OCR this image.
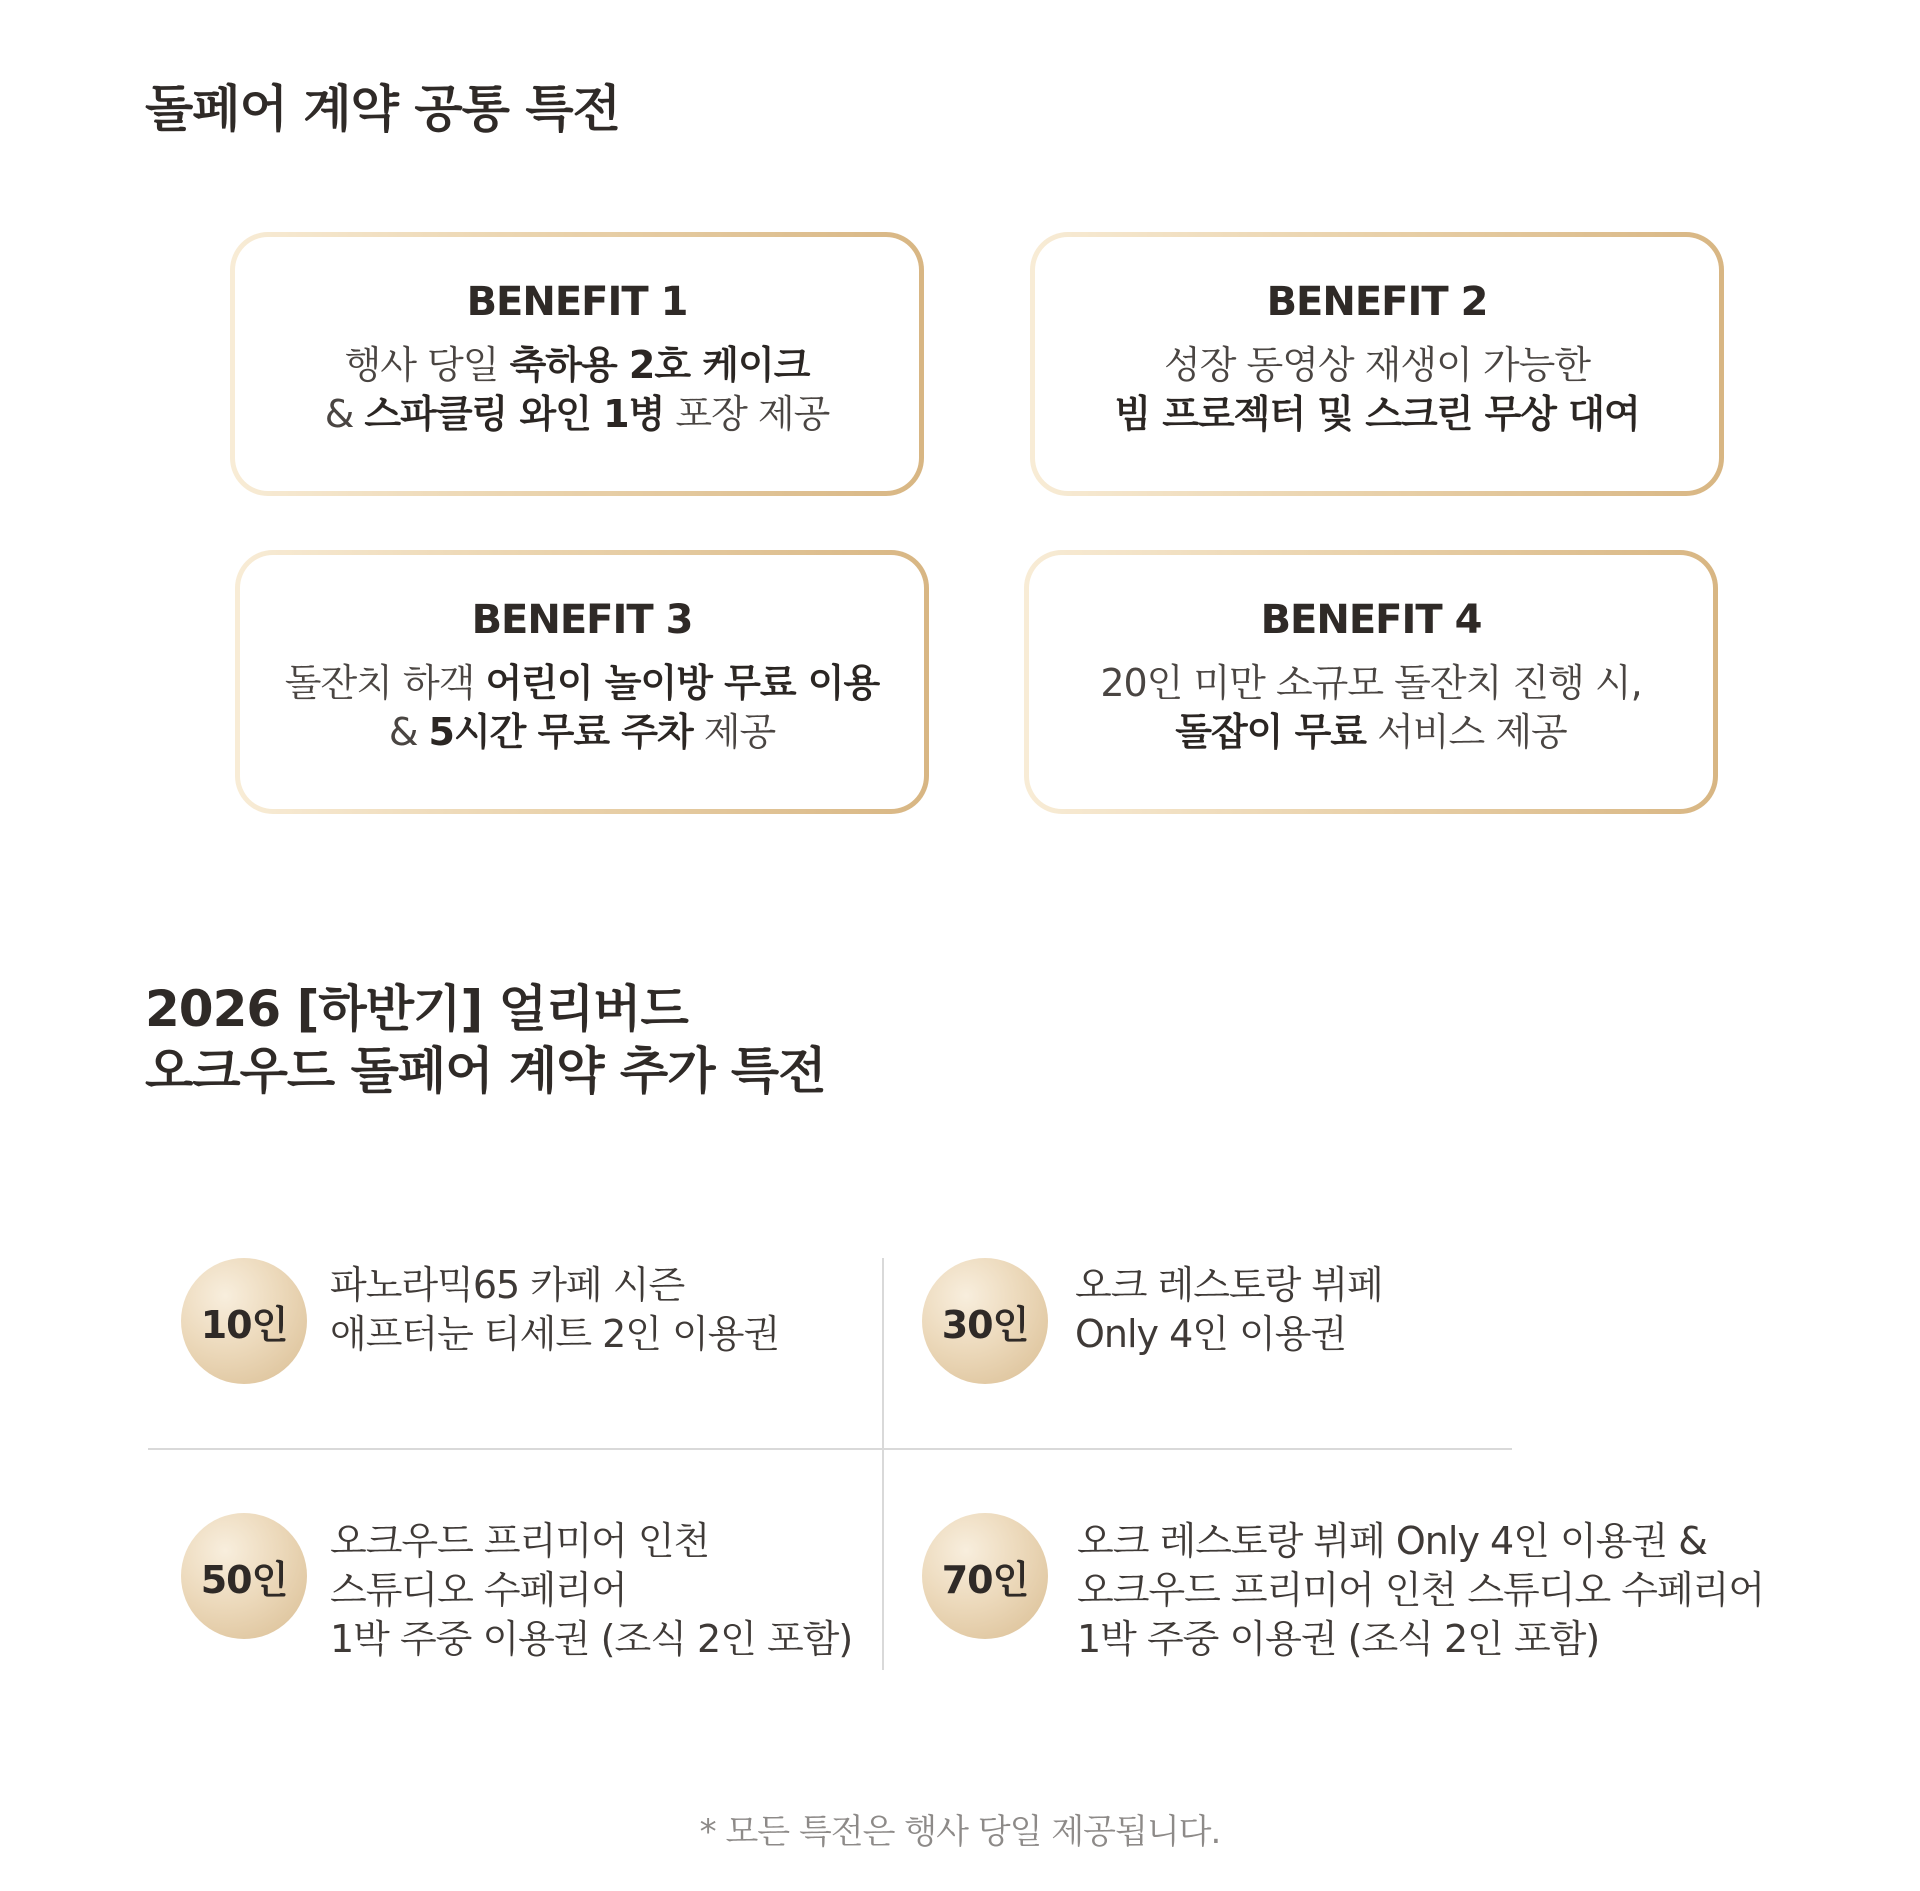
돌페어 계약 공통 특전
BENEFIT 1
행사 당일 축하용 2호 케이크
& 스파클링 와인 1병 포장 제공
BENEFIT 2
성장 동영상 재생이 가능한
빔 프로젝터 및 스크린 무상 대여
BENEFIT 3
돌잔치 하객 어린이 놀이방 무료 이용
& 5시간 무료 주차 제공
BENEFIT 4
20인 미만 소규모 돌잔치 진행 시,
돌잡이 무료 서비스 제공
2026 [하반기] 얼리버드
오크우드 돌페어 계약 추가 특전
10인
파노라믹65 카페 시즌
애프터눈 티세트 2인 이용권	30인
오크 레스토랑 뷔페
Only 4인 이용권
50인
오크우드 프리미어 인천
스튜디오 수페리어
1박 주중 이용권 (조식 2인 포함)
70인
오크 레스토랑 뷔페 Only 4인 이용권 &
오크우드 프리미어 인천 스튜디오 수페리어
1박 주중 이용권 (조식 2인 포함)
* 모든 특전은 행사 당일 제공됩니다.
